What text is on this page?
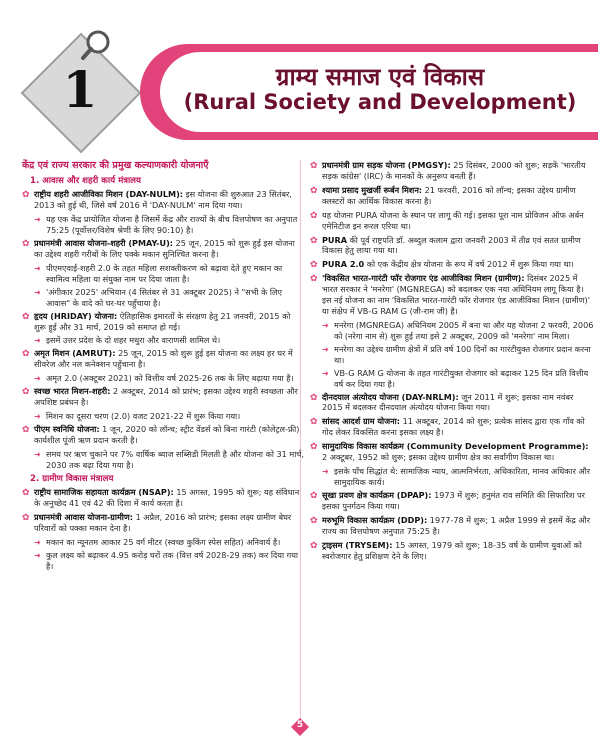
1	ग्राम्य समाज एवं विकास
(Rural Society and Development)
केंद्र एवं राज्य सरकार की प्रमुख कल्याणकारी योजनाएँ
1. आवास और शहरी कार्य मंत्रालय
✿ राष्ट्रीय शहरी आजीविका मिशन (DAY-NULM): इस योजना की शुरुआत 23 सितंबर, 2013 को हुई थी, जिसे वर्ष 2016 में 'DAY-NULM' नाम दिया गया।
➜ यह एक केंद्र प्रायोजित योजना है जिसमें केंद्र और राज्यों के बीच वित्तपोषण का अनुपात 75:25 (पूर्वोत्तर/विशेष श्रेणी के लिए 90:10) है।
✿ प्रधानमंत्री आवास योजना-शहरी (PMAY-U): 25 जून, 2015 को शुरू हुई इस योजना का उद्देश्य शहरी गरीबों के लिए पक्के मकान सुनिश्चित करना है।
➜ पीएमएवाई-शहरी 2.0 के तहत महिला सशक्तीकरण को बढ़ावा देते हुए मकान का स्वामित्व महिला या संयुक्त नाम पर दिया जाता है।
➜ 'अंगीकार 2025' अभियान (4 सितंबर से 31 अक्टूबर 2025) ने "सभी के लिए आवास" के वादे को घर-घर पहुँचाया है।
✿ हृदय (HRIDAY) योजना: ऐतिहासिक इमारतों के संरक्षण हेतु 21 जनवरी, 2015 को शुरू हुई और 31 मार्च, 2019 को समाप्त हो गई।
➜ इसमें उत्तर प्रदेश के दो शहर मथुरा और वाराणसी शामिल थे।
✿ अमृत मिशन (AMRUT): 25 जून, 2015 को शुरू हुई इस योजना का लक्ष्य हर घर में सीवरेज और नल कनेक्शन पहुँचाना है।
➜ अमृत 2.0 (अक्टूबर 2021) को वित्तीय वर्ष 2025-26 तक के लिए बढ़ाया गया है।
✿ स्वच्छ भारत मिशन-शहरी: 2 अक्टूबर, 2014 को प्रारंभ; इसका उद्देश्य शहरी स्वच्छता और अपशिष्ट प्रबंधन है।
➜ मिशन का दूसरा चरण (2.0) वजट 2021-22 में शुरू किया गया।
✿ पीएम स्वनिधि योजना: 1 जून, 2020 को लॉन्च; स्ट्रीट वेंडर्स को बिना गारंटी (कोलेट्रल-फ्री) कार्यशील पूंजी ऋण प्रदान करती है।
➜ समय पर ऋण चुकाने पर 7% वार्षिक ब्याज सब्सिडी मिलती है और योजना को 31 मार्च, 2030 तक बढ़ा दिया गया है।
2. ग्रामीण विकास मंत्रालय
✿ राष्ट्रीय सामाजिक सहायता कार्यक्रम (NSAP): 15 अगस्त, 1995 को शुरू; यह संविधान के अनुच्छेद 41 एवं 42 की दिशा में कार्य करता है।
✿ प्रधानमंत्री आवास योजना-ग्रामीण: 1 अप्रैल, 2016 को प्रारंभ; इसका लक्ष्य ग्रामीण बेघर परिवारों को पक्का मकान देना है।
➜ मकान का न्यूनतम आकार 25 वर्ग मीटर (स्वच्छ कुकिंग स्पेस सहित) अनिवार्य है।
➜ कुल लक्ष्य को बढ़ाकर 4.95 करोड़ घरों तक (वित्त वर्ष 2028-29 तक) कर दिया गया है।
✿ प्रधानमंत्री ग्राम सड़क योजना (PMGSY): 25 दिसंबर, 2000 को शुरू; सड़कें 'भारतीय सड़क कांग्रेस' (IRC) के मानकों के अनुरूप बनती हैं।
✿ श्यामा प्रसाद मुखर्जी रूर्बन मिशन: 21 फरवरी, 2016 को लॉन्च; इसका उद्देश्य ग्रामीण क्लस्टरों का आर्थिक विकास करना है।
✿ यह योजना PURA योजना के स्थान पर लागू की गई। इसका पूरा नाम प्रोविजन ऑफ अर्बन एमेनिटीज इन रूरल एरिया था।
✿ PURA की पूर्व राष्ट्रपति डॉ. अब्दुल कलाम द्वारा जनवरी 2003 में तीव्र एवं सतत ग्रामीण विकास हेतु लाया गया था।
✿ PURA 2.0 को एक केंद्रीय क्षेत्र योजना के रूप में वर्ष 2012 में शुरू किया गया था।
✿ 'विकसित भारत-गारंटी फॉर रोजगार एंड आजीविका मिशन (ग्रामीण): दिसंबर 2025 में भारत सरकार ने 'मनरेगा' (MGNREGA) को बदलकर एक नया अधिनियम लागू किया है। इस नई योजना का नाम 'विकसित भारत-गारंटी फॉर रोजगार एंड आजीविका मिशन (ग्रामीण)' या संक्षेप में VB-G RAM G (जी-राम जी) है।
➜ मनरेगा (MGNREGA) अधिनियम 2005 में बना था और यह योजना 2 फरवरी, 2006 को (नरेगा नाम से) शुरू हुई तथा इसे 2 अक्टूबर, 2009 को 'मनरेगा' नाम मिला।
➜ मनरेगा का उद्देश्य ग्रामीण क्षेत्रों में प्रति वर्ष 100 दिनों का गारंटीयुक्त रोजगार प्रदान करना था।
➜ VB-G RAM G योजना के तहत गारंटीयुक्त रोजगार को बढ़ाकर 125 दिन प्रति वित्तीय वर्ष कर दिया गया है।
✿ दीनदयाल अंत्योदय योजना (DAY-NRLM): जून 2011 में शुरू; इसका नाम नवंबर 2015 में बदलकर दीनदयाल अंत्योदय योजना किया गया।
✿ सांसद आदर्श ग्राम योजना: 11 अक्टूबर, 2014 को शुरू; प्रत्येक सांसद द्वारा एक गाँव को गोद लेकर विकसित करना इसका लक्ष्य है।
✿ सामुदायिक विकास कार्यक्रम (Community Development Programme): 2 अक्टूबर, 1952 को शुरू; इसका उद्देश्य ग्रामीण क्षेत्र का सर्वांगीण विकास था।
➜ इसके पाँच सिद्धांत थे: सामाजिक न्याय, आत्मनिर्भरता, अधिकारिता, मानव अधिकार और सामुदायिक कार्य।
✿ सूखा प्रवण क्षेत्र कार्यक्रम (DPAP): 1973 में शुरू; हनुमंत राव समिति की सिफारिश पर इसका पुनर्गठन किया गया।
✿ मरुभूमि विकास कार्यक्रम (DDP): 1977-78 में शुरू; 1 अप्रैल 1999 से इसमें केंद्र और राज्य का वित्तपोषण अनुपात 75:25 है।
✿ ट्राइसम (TRYSEM): 15 अगस्त, 1979 को शुरू; 18-35 वर्ष के ग्रामीण युवाओं को स्वरोजगार हेतु प्रशिक्षण देने के लिए।
5
